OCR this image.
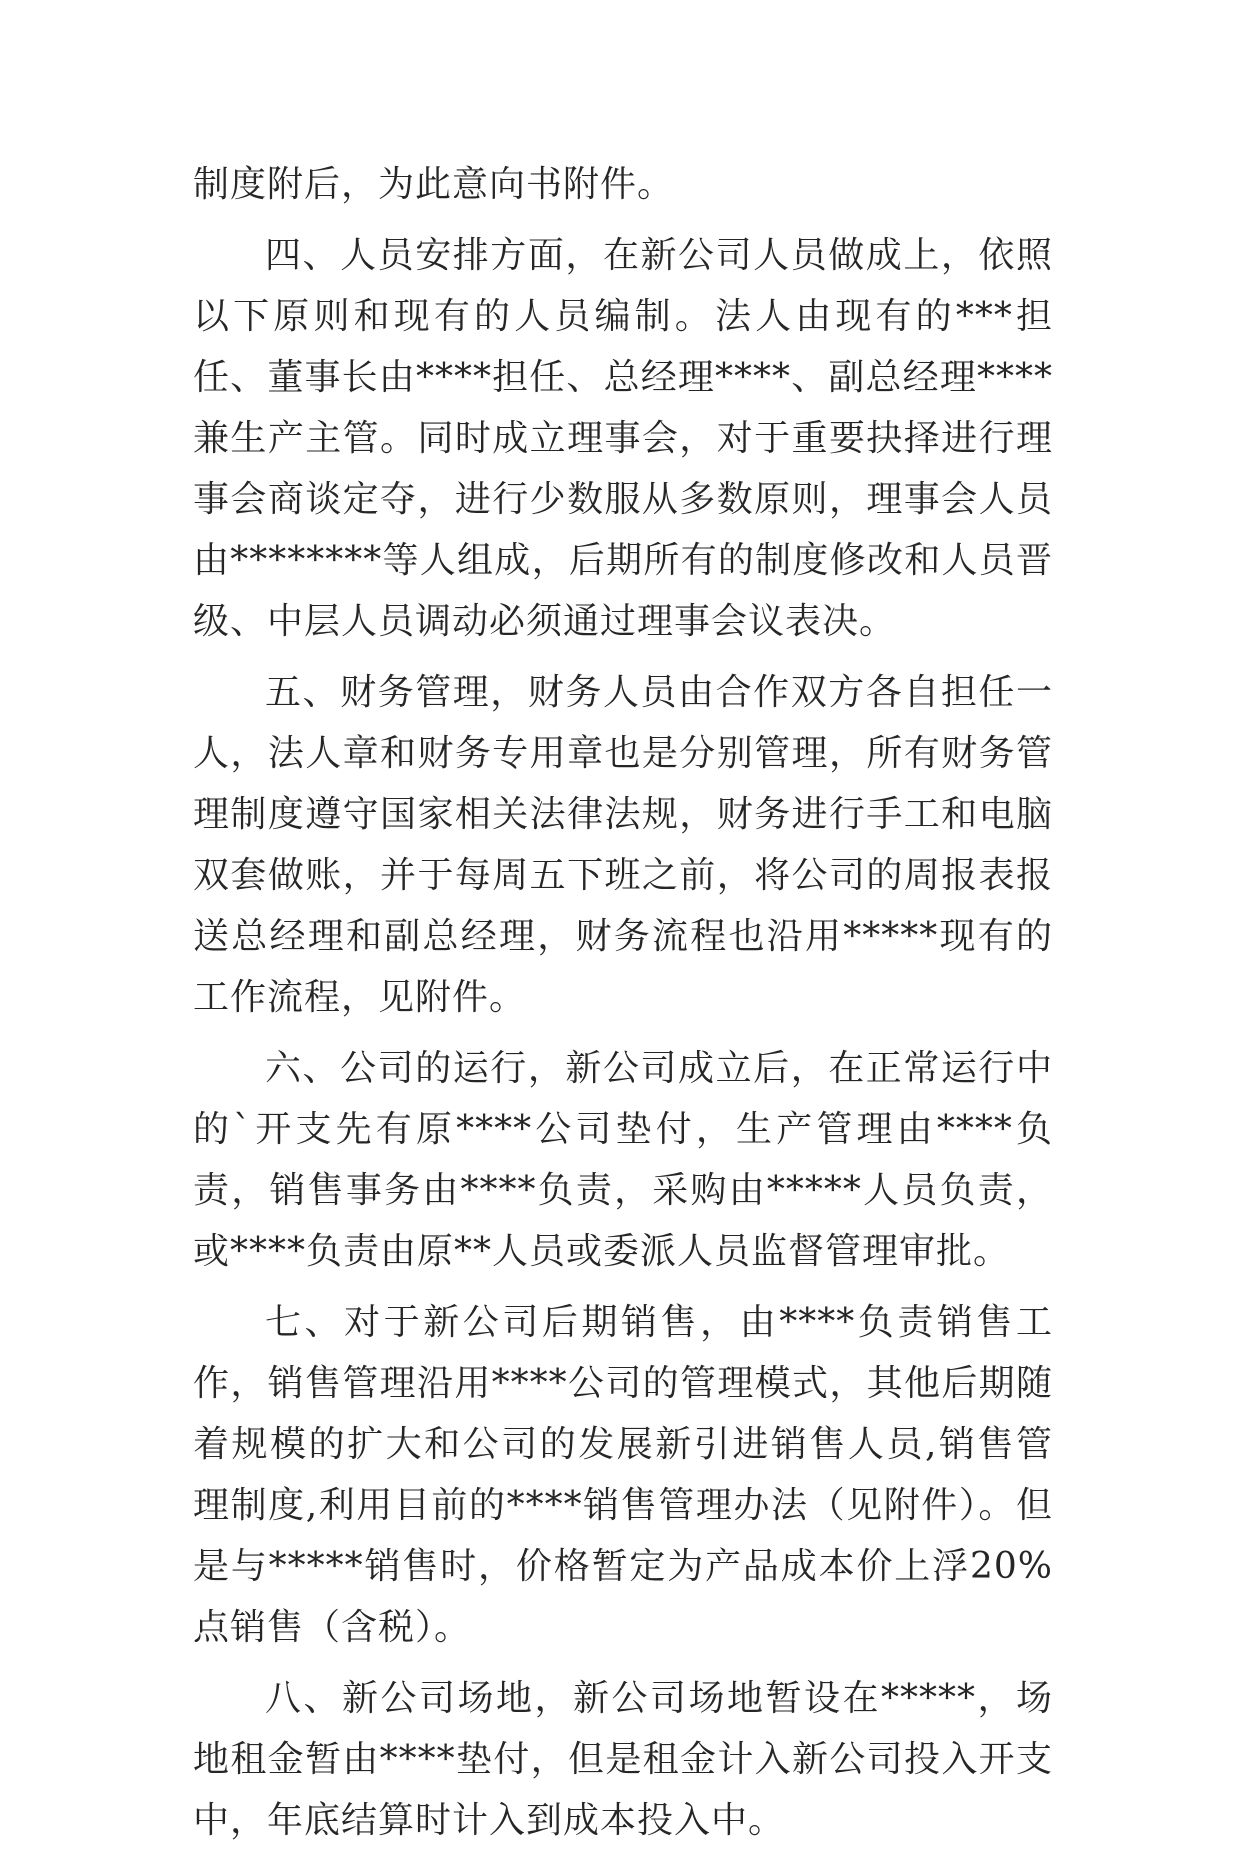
制度附后，为此意向书附件。

四、人员安排方面，在新公司人员做成上，依照以下原则和现有的人员编制。法人由现有的***担任、董事长由****担任、总经理****、副总经理****兼生产主管。同时成立理事会，对于重要抉择进行理事会商谈定夺，进行少数服从多数原则，理事会人员由********等人组成，后期所有的制度修改和人员晋级、中层人员调动必须通过理事会议表决。

五、财务管理，财务人员由合作双方各自担任一人，法人章和财务专用章也是分别管理，所有财务管理制度遵守国家相关法律法规，财务进行手工和电脑双套做账，并于每周五下班之前，将公司的周报表报送总经理和副总经理，财务流程也沿用*****现有的工作流程，见附件。

六、公司的运行，新公司成立后，在正常运行中的`开支先有原****公司垫付，生产管理由****负责，销售事务由****负责，采购由*****人员负责，或****负责由原**人员或委派人员监督管理审批。

七、对于新公司后期销售，由****负责销售工作，销售管理沿用****公司的管理模式，其他后期随着规模的扩大和公司的发展新引进销售人员,销售管理制度,利用目前的****销售管理办法（见附件）。但是与*****销售时，价格暂定为产品成本价上浮20%点销售（含税）。

八、新公司场地，新公司场地暂设在*****，场地租金暂由****垫付，但是租金计入新公司投入开支中，年底结算时计入到成本投入中。
